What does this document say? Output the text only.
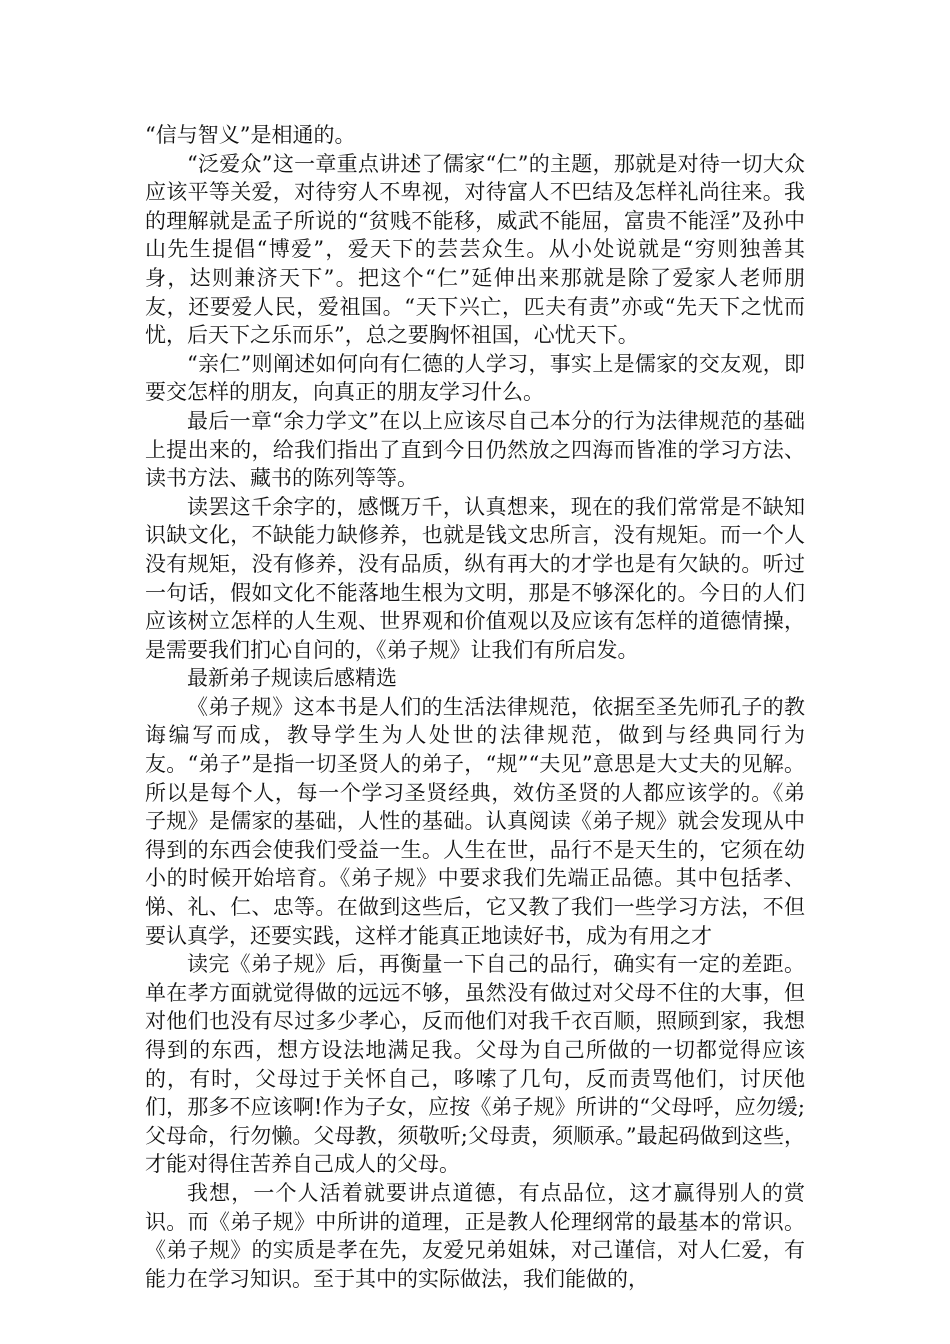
“信与智义”是相通的。

“泛爱众”这一章重点讲述了儒家“仁”的主题，那就是对待一切大众应该平等关爱，对待穷人不卑视，对待富人不巴结及怎样礼尚往来。我的理解就是孟子所说的“贫贱不能移，威武不能屈，富贵不能淫”及孙中山先生提倡“博爱”，爱天下的芸芸众生。从小处说就是“穷则独善其身，达则兼济天下”。把这个“仁”延伸出来那就是除了爱家人老师朋友，还要爱人民，爱祖国。“天下兴亡，匹夫有责”亦或“先天下之忧而忧，后天下之乐而乐”，总之要胸怀祖国，心忧天下。

“亲仁”则阐述如何向有仁德的人学习，事实上是儒家的交友观，即要交怎样的朋友，向真正的朋友学习什么。

最后一章“余力学文”在以上应该尽自己本分的行为法律规范的基础上提出来的，给我们指出了直到今日仍然放之四海而皆准的学习方法、读书方法、藏书的陈列等等。

读罢这千余字的，感慨万千，认真想来，现在的我们常常是不缺知识缺文化，不缺能力缺修养，也就是钱文忠所言，没有规矩。而一个人没有规矩，没有修养，没有品质，纵有再大的才学也是有欠缺的。听过一句话，假如文化不能落地生根为文明，那是不够深化的。今日的人们应该树立怎样的人生观、世界观和价值观以及应该有怎样的道德情操，是需要我们扪心自问的，《弟子规》让我们有所启发。

最新弟子规读后感精选

《弟子规》这本书是人们的生活法律规范，依据至圣先师孔子的教诲编写而成，教导学生为人处世的法律规范，做到与经典同行为友。“弟子”是指一切圣贤人的弟子，“规”“夫见”意思是大丈夫的见解。所以是每个人，每一个学习圣贤经典，效仿圣贤的人都应该学的。《弟子规》是儒家的基础，人性的基础。认真阅读《弟子规》就会发现从中得到的东西会使我们受益一生。人生在世，品行不是天生的，它须在幼小的时候开始培育。《弟子规》中要求我们先端正品德。其中包括孝、悌、礼、仁、忠等。在做到这些后，它又教了我们一些学习方法，不但要认真学，还要实践，这样才能真正地读好书，成为有用之才

读完《弟子规》后，再衡量一下自己的品行，确实有一定的差距。单在孝方面就觉得做的远远不够，虽然没有做过对父母不住的大事，但对他们也没有尽过多少孝心，反而他们对我千衣百顺，照顾到家，我想得到的东西，想方设法地满足我。父母为自己所做的一切都觉得应该的，有时，父母过于关怀自己，哆嗦了几句，反而责骂他们，讨厌他们，那多不应该啊!作为子女，应按《弟子规》所讲的“父母呼，应勿缓;父母命，行勿懒。父母教，须敬听;父母责，须顺承。”最起码做到这些，才能对得住苦养自己成人的父母。

我想，一个人活着就要讲点道德，有点品位，这才赢得别人的赏识。而《弟子规》中所讲的道理，正是教人伦理纲常的最基本的常识。《弟子规》的实质是孝在先，友爱兄弟姐妹，对己谨信，对人仁爱，有能力在学习知识。至于其中的实际做法，我们能做的，
